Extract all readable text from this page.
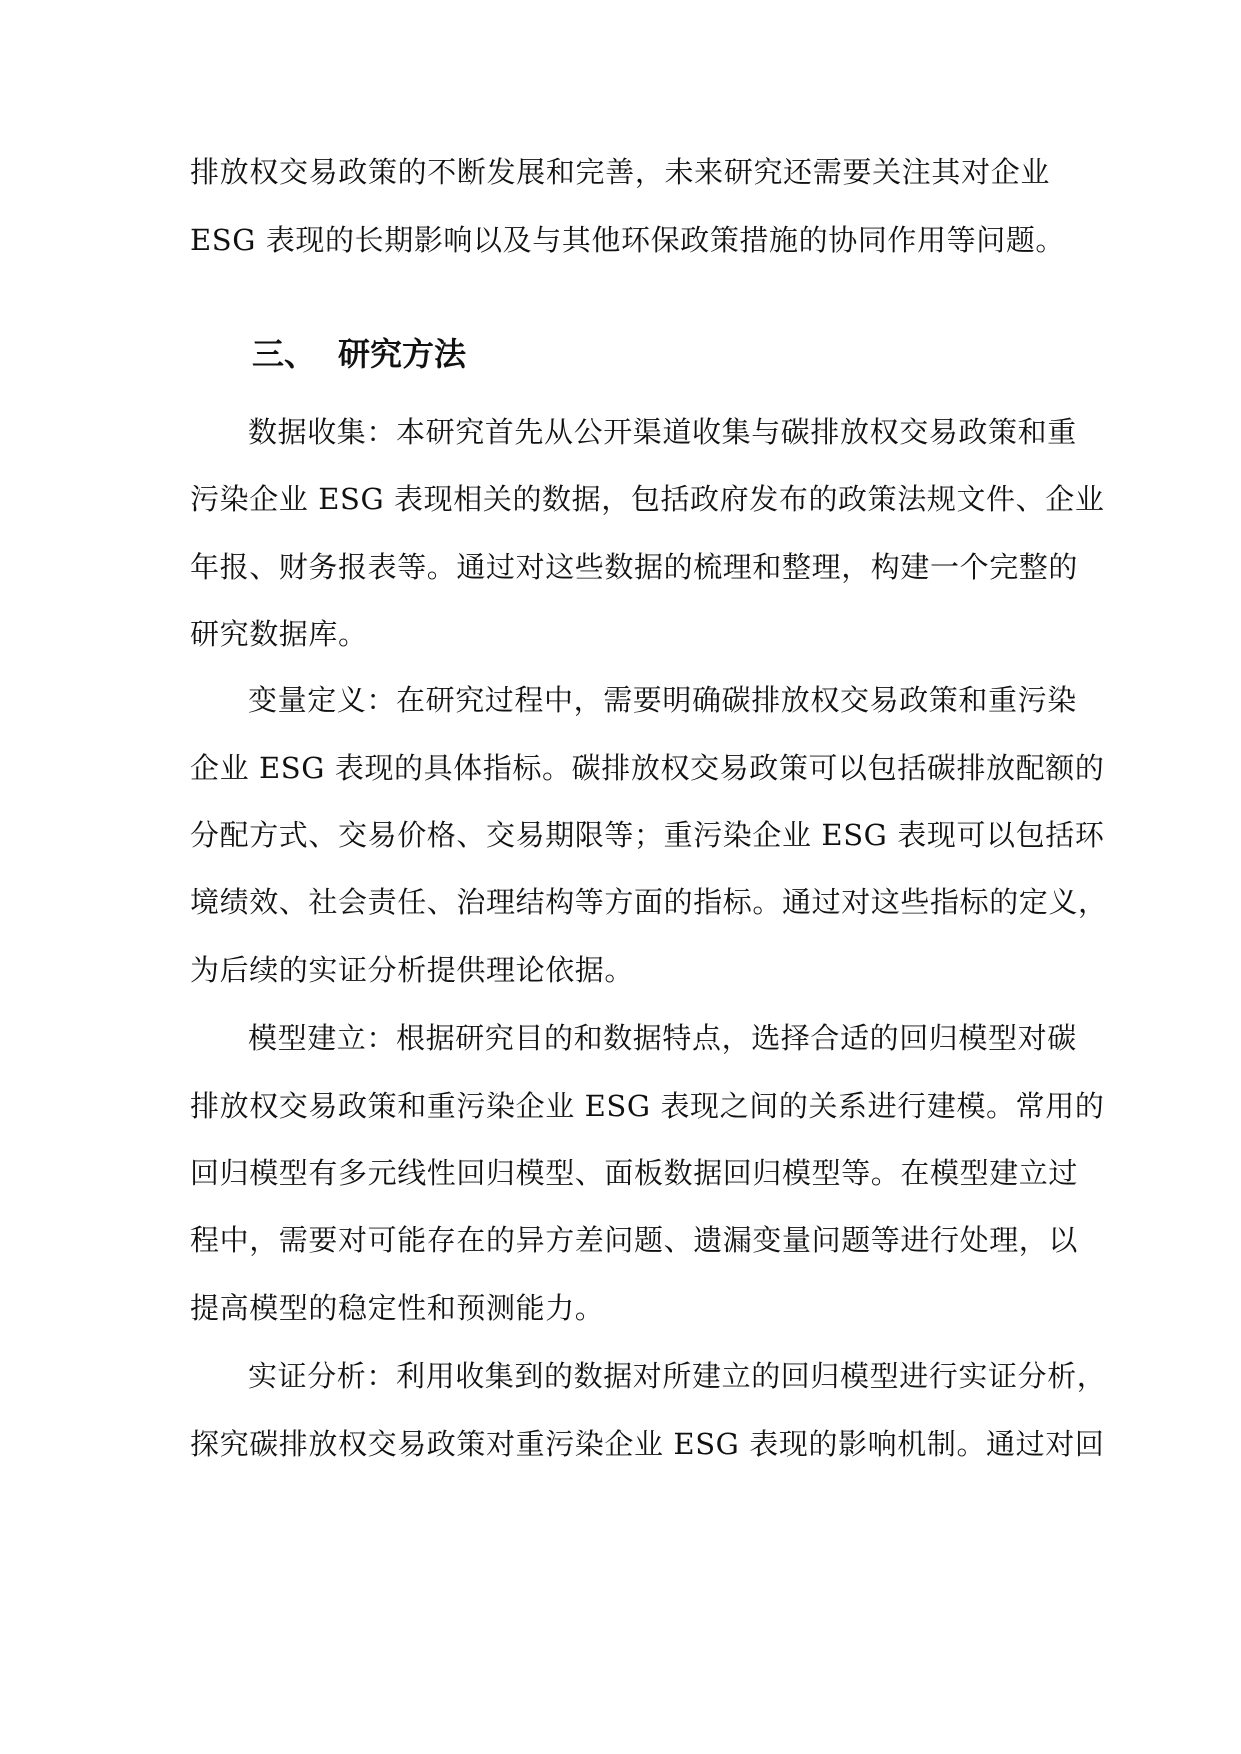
排放权交易政策的不断发展和完善，未来研究还需要关注其对企业
ESG 表现的长期影响以及与其他环保政策措施的协同作用等问题。
三、 研究方法
数据收集：本研究首先从公开渠道收集与碳排放权交易政策和重
污染企业 ESG 表现相关的数据，包括政府发布的政策法规文件、企业
年报、财务报表等。通过对这些数据的梳理和整理，构建一个完整的
研究数据库。
变量定义：在研究过程中，需要明确碳排放权交易政策和重污染
企业 ESG 表现的具体指标。碳排放权交易政策可以包括碳排放配额的
分配方式、交易价格、交易期限等；重污染企业 ESG 表现可以包括环
境绩效、社会责任、治理结构等方面的指标。通过对这些指标的定义，
为后续的实证分析提供理论依据。
模型建立：根据研究目的和数据特点，选择合适的回归模型对碳
排放权交易政策和重污染企业 ESG 表现之间的关系进行建模。常用的
回归模型有多元线性回归模型、面板数据回归模型等。在模型建立过
程中，需要对可能存在的异方差问题、遗漏变量问题等进行处理，以
提高模型的稳定性和预测能力。
实证分析：利用收集到的数据对所建立的回归模型进行实证分析，
探究碳排放权交易政策对重污染企业 ESG 表现的影响机制。通过对回
